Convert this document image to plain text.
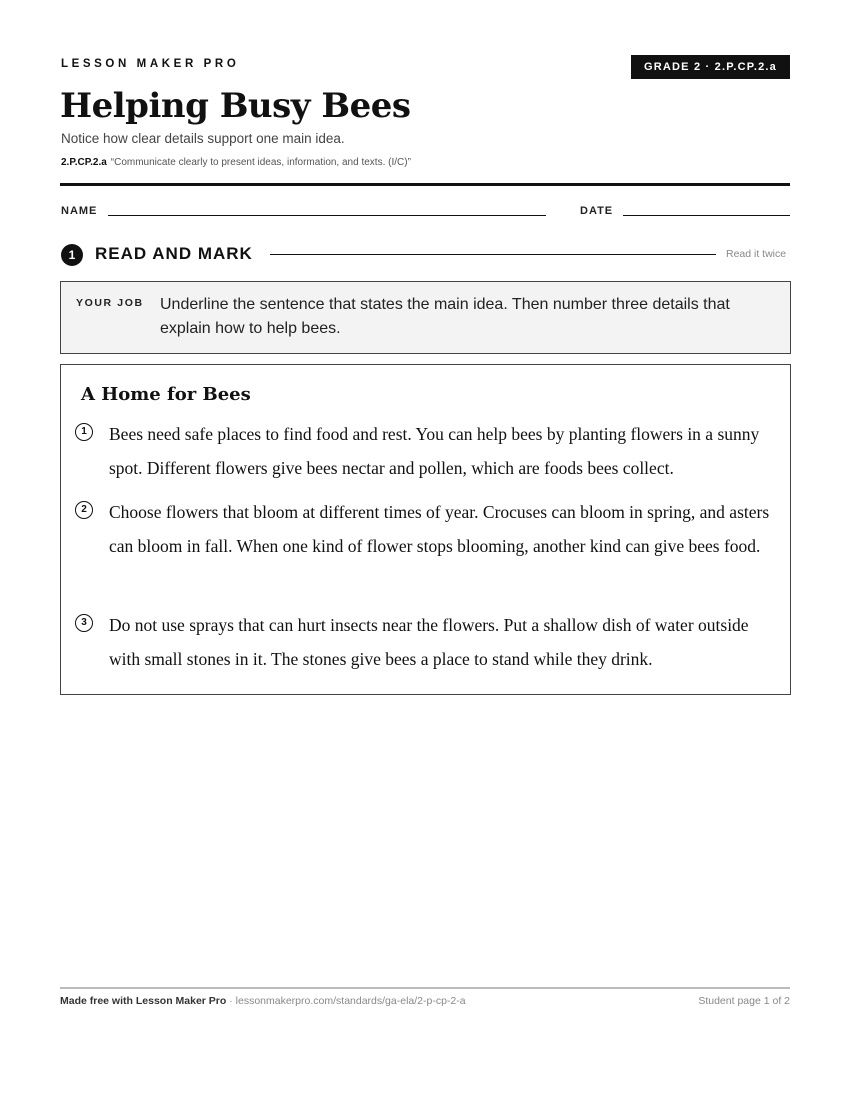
LESSON MAKER PRO	GRADE 2 · 2.P.CP.2.a
Helping Busy Bees
Notice how clear details support one main idea.
2.P.CP.2.a “Communicate clearly to present ideas, information, and texts. (I/C)”
NAME	DATE
1	READ AND MARK	Read it twice
YOUR JOB Underline the sentence that states the main idea. Then number three details that explain how to help bees.
A Home for Bees
1	Bees need safe places to find food and rest. You can help bees by planting flowers in a sunny spot. Different flowers give bees nectar and pollen, which are foods bees collect.

2	Choose flowers that bloom at different times of year. Crocuses can bloom in spring, and asters can bloom in fall. When one kind of flower stops blooming, another kind can give bees food.

3	Do not use sprays that can hurt insects near the flowers. Put a shallow dish of water outside with small stones in it. The stones give bees a place to stand while they drink.

Made free with Lesson Maker Pro · lessonmakerpro.com/standards/ga-ela/2-p-cp-2-a	Student page 1 of 2
